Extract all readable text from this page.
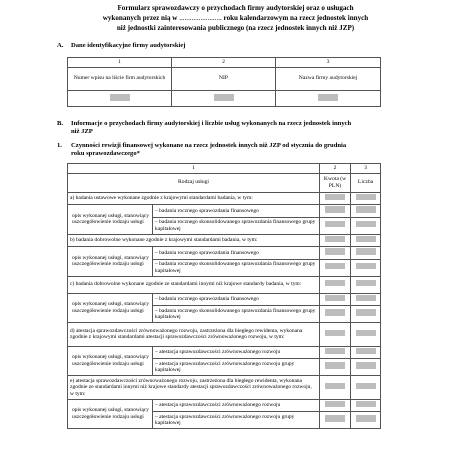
Formularz sprawozdawczy o przychodach firmy audytorskiej oraz o usługach
wykonanych przez nią w ........................ roku kalendarzowym na rzecz jednostek innych
niż jednostki zainteresowania publicznego (na rzecz jednostek innych niż JZP)
A.	Dane identyfikacyjne firmy audytorskiej
1	2	3
Numer wpisu na liście firm audytorskich	NIP	Nazwa firmy audytorskiej

B.	Informacje o przychodach firmy audytorskiej i liczbie usług wykonanych na rzecz jednostek innych
niż JZP
1.	Czynności rewizji finansowej wykonane na rzecz jednostek innych niż JZP od stycznia do grudnia
roku sprawozdawczego*
1		2	3
Rodzaj usługi		Kwota (w PLN)	Liczba
a) badania ustawowe wykonane zgodnie z krajowymi standardami badania, w tym:			
opis wykonanej usługi, stanowiący uszczegółowienie rodzaju usługi	– badania rocznego sprawozdania finansowego		
	– badania rocznego skonsolidowanego sprawozdania finansowego grupy kapitałowej		
b) badania dobrowolne wykonane zgodnie z krajowymi standardami badania, w tym:			
opis wykonanej usługi, stanowiący uszczegółowienie rodzaju usługi	– badania rocznego sprawozdania finansowego		
	– badania rocznego skonsolidowanego sprawozdania finansowego grupy kapitałowej		
c) badania dobrowolne wykonane zgodnie ze standardami innymi niż krajowe standardy badania, w tym:			
opis wykonanej usługi, stanowiący uszczegółowienie rodzaju usługi	– badania rocznego sprawozdania finansowego		
	– badania rocznego skonsolidowanego sprawozdania finansowego grupy kapitałowej		
d) atestacja sprawozdawczości zrównoważonego rozwoju, zastrzeżona dla biegłego rewidenta, wykonana zgodnie z krajowymi standardami atestacji sprawozdawczości zrównoważonego rozwoju, w tym:			
opis wykonanej usługi, stanowiący uszczegółowienie rodzaju usługi	– atestacja sprawozdawczości zrównoważonego rozwoju		
	– atestacja sprawozdawczości zrównoważonego rozwoju grupy kapitałowej		
e) atestacja sprawozdawczości zrównoważonego rozwoju, zastrzeżona dla biegłego rewidenta, wykonana zgodnie ze standardami innymi niż krajowe standardy atestacji sprawozdawczości zrównoważonego rozwoju, w tym:			
opis wykonanej usługi, stanowiący uszczegółowienie rodzaju usługi	– atestacja sprawozdawczości zrównoważonego rozwoju		
	– atestacja sprawozdawczości zrównoważonego rozwoju grupy kapitałowej		
